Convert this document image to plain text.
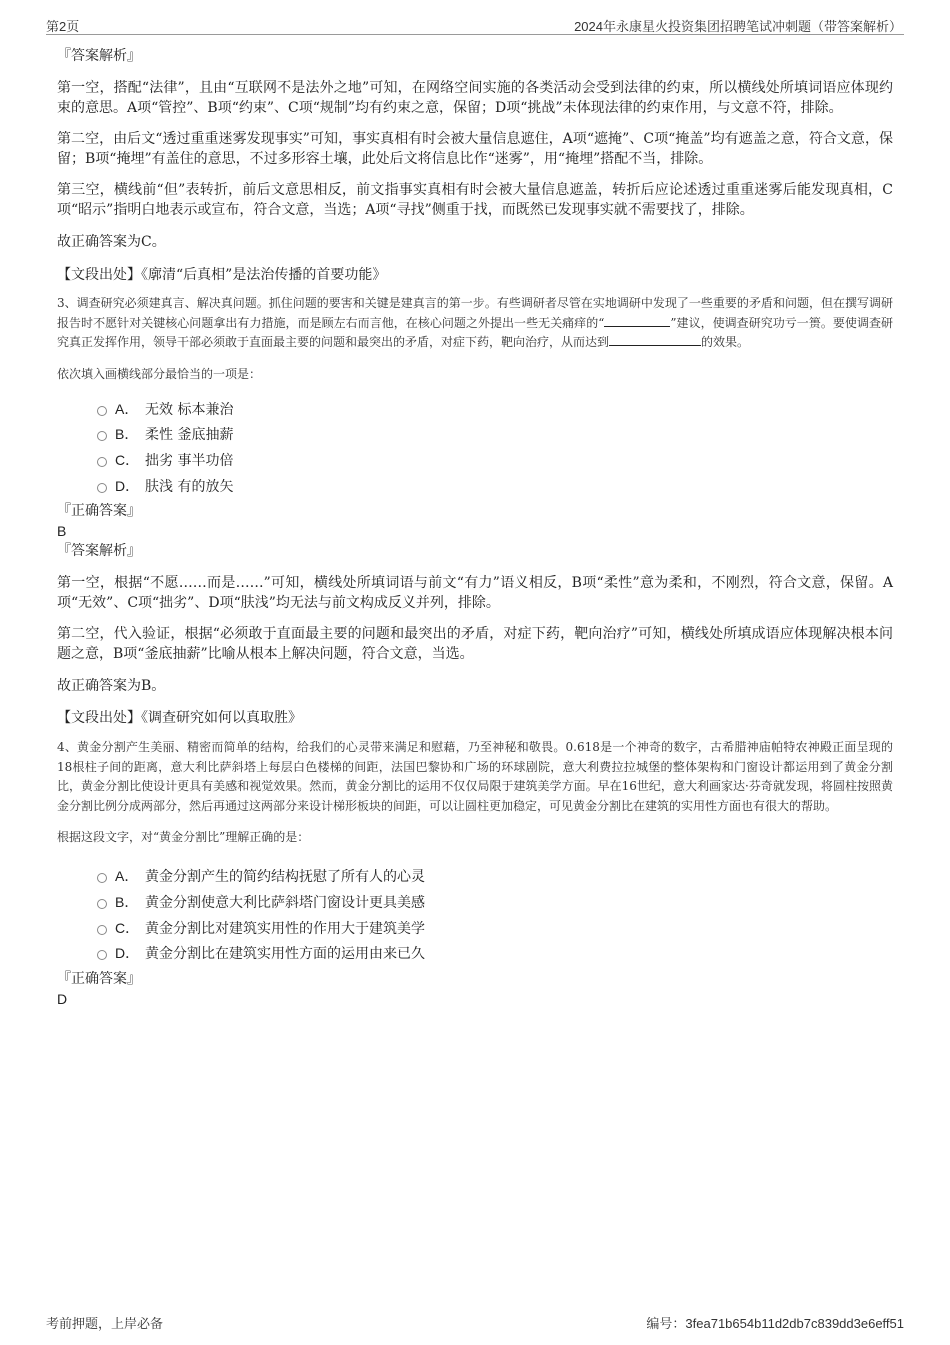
第2页	2024年永康星火投资集团招聘笔试冲刺题（带答案解析）
『答案解析』

第一空，搭配“法律”，且由“互联网不是法外之地”可知，在网络空间实施的各类活动会受到法律的约束，所以横线处所填词语应体现约束的意思。A项“管控”、B项“约束”、C项“规制”均有约束之意，保留；D项“挑战”未体现法律的约束作用，与文意不符，排除。

第二空，由后文“透过重重迷雾发现事实”可知，事实真相有时会被大量信息遮住，A项“遮掩”、C项“掩盖”均有遮盖之意，符合文意，保留；B项“掩埋”有盖住的意思，不过多形容土壤，此处后文将信息比作“迷雾”，用“掩埋”搭配不当，排除。

第三空，横线前“但”表转折，前后文意思相反，前文指事实真相有时会被大量信息遮盖，转折后应论述透过重重迷雾后能发现真相，C项“昭示”指明白地表示或宣布，符合文意，当选；A项“寻找”侧重于找，而既然已发现事实就不需要找了，排除。

故正确答案为C。

【文段出处】《廓清“后真相”是法治传播的首要功能》

3、调查研究必须建真言、解决真问题。抓住问题的要害和关键是建真言的第一步。有些调研者尽管在实地调研中发现了一些重要的矛盾和问题，但在撰写调研报告时不愿针对关键核心问题拿出有力措施，而是顾左右而言他，在核心问题之外提出一些无关痛痒的“	”建议，使调查研究功亏一篑。要使调查研究真正发挥作用，领导干部必须敢于直面最主要的问题和最突出的矛盾，对症下药，靶向治疗，从而达到	的效果。

依次填入画横线部分最恰当的一项是：

A． 无效 标本兼治
B． 柔性 釜底抽薪
C． 拙劣 事半功倍
D． 肤浅 有的放矢
『正确答案』
B
『答案解析』

第一空，根据“不愿……而是……”可知，横线处所填词语与前文“有力”语义相反，B项“柔性”意为柔和，不刚烈，符合文意，保留。A项“无效”、C项“拙劣”、D项“肤浅”均无法与前文构成反义并列，排除。

第二空，代入验证，根据“必须敢于直面最主要的问题和最突出的矛盾，对症下药，靶向治疗”可知，横线处所填成语应体现解决根本问题之意，B项“釜底抽薪”比喻从根本上解决问题，符合文意，当选。

故正确答案为B。

【文段出处】《调查研究如何以真取胜》

4、黄金分割产生美丽、精密而简单的结构，给我们的心灵带来满足和慰藉，乃至神秘和敬畏。0.618是一个神奇的数字，古希腊神庙帕特农神殿正面呈现的18根柱子间的距离，意大利比萨斜塔上每层白色楼梯的间距，法国巴黎协和广场的环球剧院，意大利费拉拉城堡的整体架构和门窗设计都运用到了黄金分割比，黄金分割比使设计更具有美感和视觉效果。然而，黄金分割比的运用不仅仅局限于建筑美学方面。早在16世纪，意大利画家达·芬奇就发现，将圆柱按照黄金分割比例分成两部分，然后再通过这两部分来设计梯形板块的间距，可以让圆柱更加稳定，可见黄金分割比在建筑的实用性方面也有很大的帮助。

根据这段文字，对“黄金分割比”理解正确的是：

A． 黄金分割产生的简约结构抚慰了所有人的心灵
B． 黄金分割使意大利比萨斜塔门窗设计更具美感
C． 黄金分割比对建筑实用性的作用大于建筑美学
D． 黄金分割比在建筑实用性方面的运用由来已久
『正确答案』
D
考前押题，上岸必备	编号：3fea71b654b11d2db7c839dd3e6eff51
